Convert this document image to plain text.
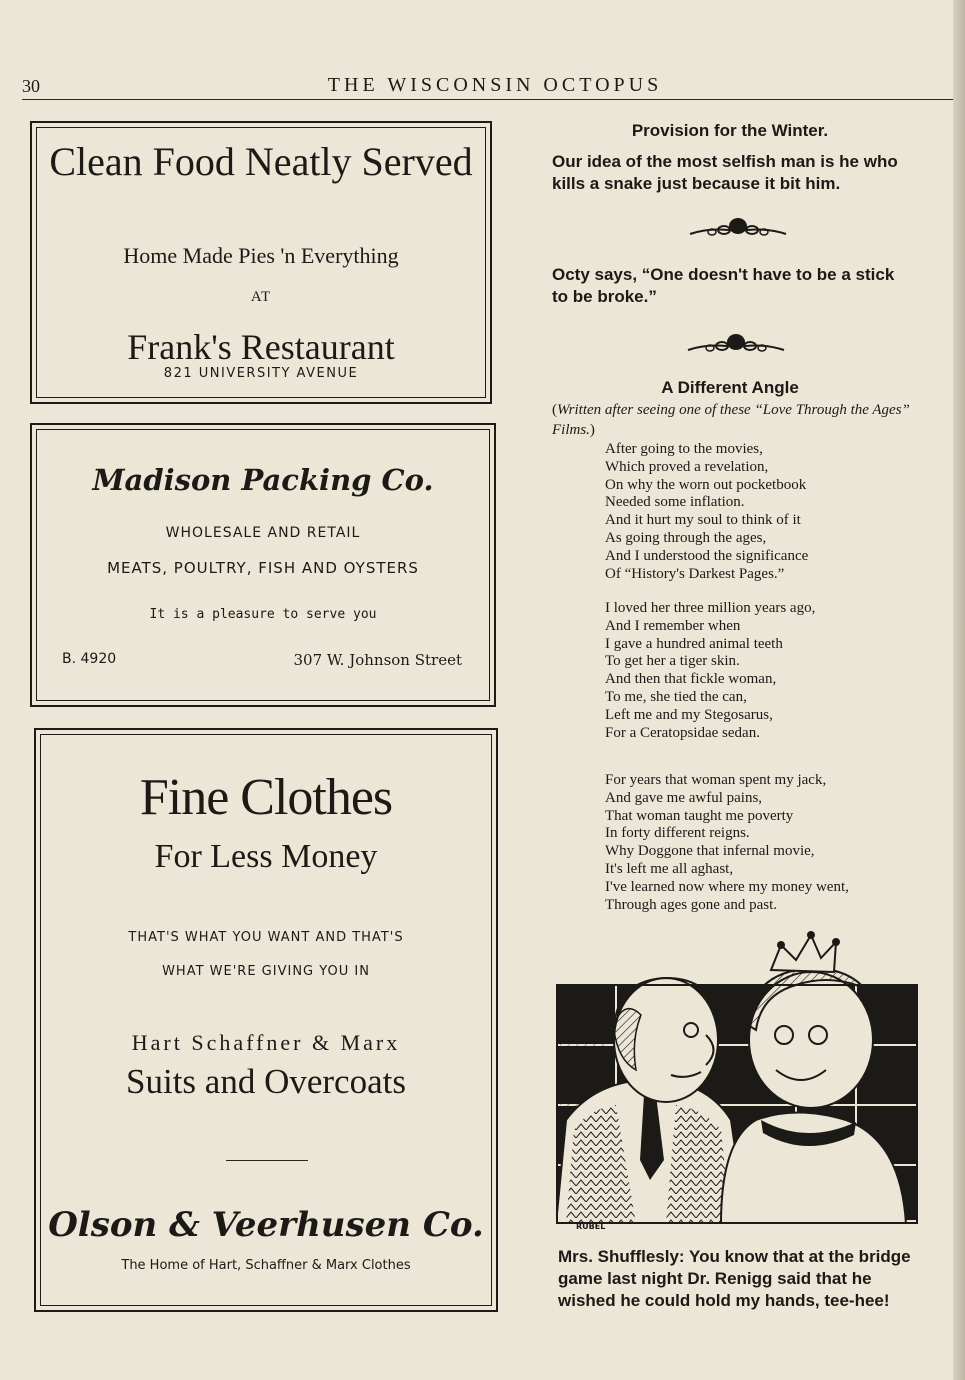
30	THE WISCONSIN OCTOPUS
Clean Food Neatly Served
Home Made Pies 'n Everything
AT
Frank's Restaurant
821 UNIVERSITY AVENUE
Madison Packing Co.
WHOLESALE AND RETAIL
MEATS, POULTRY, FISH AND OYSTERS
It is a pleasure to serve you
B. 4920	307 W. Johnson Street
Fine Clothes
For Less Money
THAT'S WHAT YOU WANT AND THAT'S
WHAT WE'RE GIVING YOU IN
Hart Schaffner & Marx
Suits and Overcoats
Olson & Veerhusen Co.
The Home of Hart, Schaffner & Marx Clothes
Provision for the Winter.
Our idea of the most selfish man is he who kills a snake just because it bit him.
Octy says, “One doesn't have to be a stick to be broke.”
A Different Angle
(Written after seeing one of these “Love Through the Ages” Films.)
After going to the movies,
Which proved a revelation,
On why the worn out pocketbook
Needed some inflation.
And it hurt my soul to think of it
As going through the ages,
And I understood the significance
Of “History's Darkest Pages.”
I loved her three million years ago,
And I remember when
I gave a hundred animal teeth
To get her a tiger skin.
And then that fickle woman,
To me, she tied the can,
Left me and my Stegosarus,
For a Ceratopsidae sedan.
For years that woman spent my jack,
And gave me awful pains,
That woman taught me poverty
In forty different reigns.
Why Doggone that infernal movie,
It's left me all aghast,
I've learned now where my money went,
Through ages gone and past.
RUBEL
Mrs. Shufflesly: You know that at the bridge game last night Dr. Renigg said that he wished he could hold my hands, tee-hee!
